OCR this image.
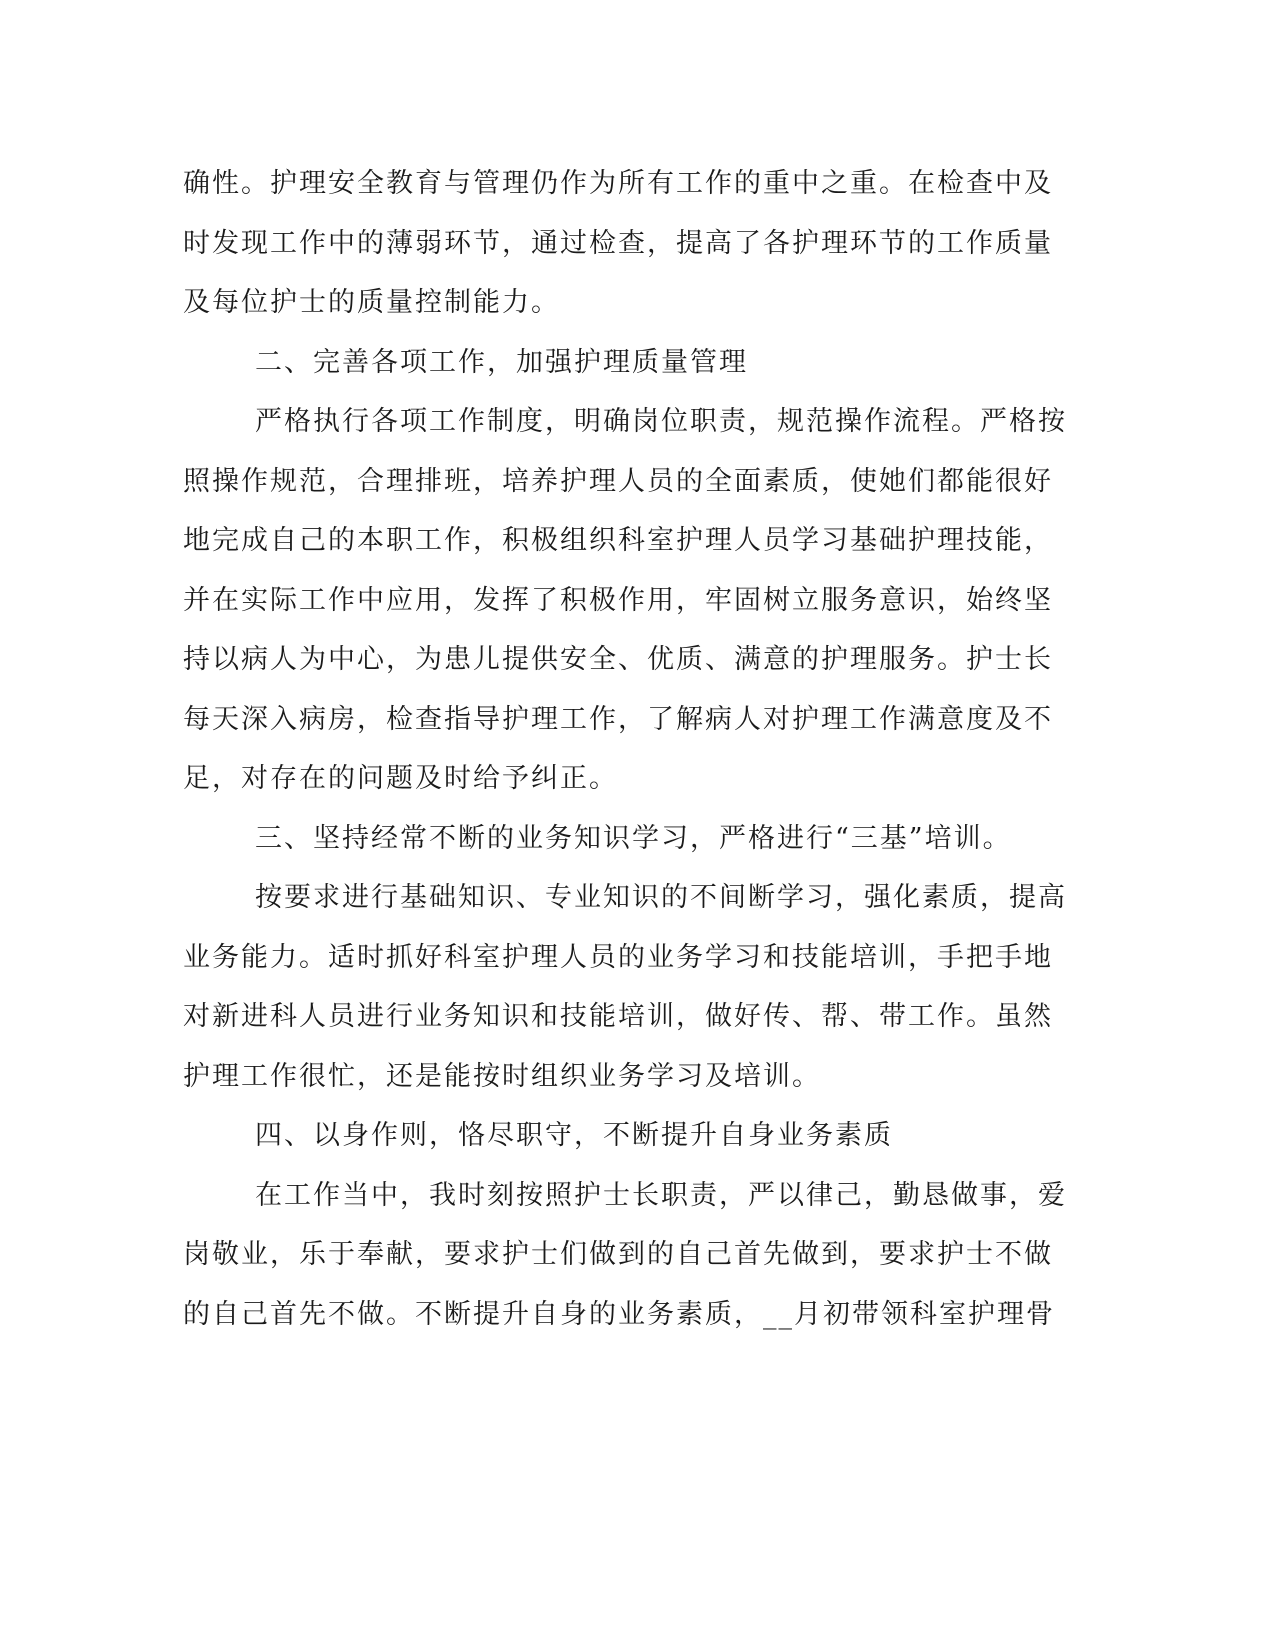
确性。护理安全教育与管理仍作为所有工作的重中之重。在检查中及
时发现工作中的薄弱环节，通过检查，提高了各护理环节的工作质量
及每位护士的质量控制能力。

二、完善各项工作，加强护理质量管理

严格执行各项工作制度，明确岗位职责，规范操作流程。严格按
照操作规范，合理排班，培养护理人员的全面素质，使她们都能很好
地完成自己的本职工作，积极组织科室护理人员学习基础护理技能，
并在实际工作中应用，发挥了积极作用，牢固树立服务意识，始终坚
持以病人为中心，为患儿提供安全、优质、满意的护理服务。护士长
每天深入病房，检查指导护理工作，了解病人对护理工作满意度及不
足，对存在的问题及时给予纠正。

三、坚持经常不断的业务知识学习，严格进行“三基”培训。

按要求进行基础知识、专业知识的不间断学习，强化素质，提高
业务能力。适时抓好科室护理人员的业务学习和技能培训，手把手地
对新进科人员进行业务知识和技能培训，做好传、帮、带工作。虽然
护理工作很忙，还是能按时组织业务学习及培训。

四、以身作则，恪尽职守，不断提升自身业务素质

在工作当中，我时刻按照护士长职责，严以律己，勤恳做事，爱
岗敬业，乐于奉献，要求护士们做到的自己首先做到，要求护士不做
的自己首先不做。不断提升自身的业务素质，__月初带领科室护理骨
